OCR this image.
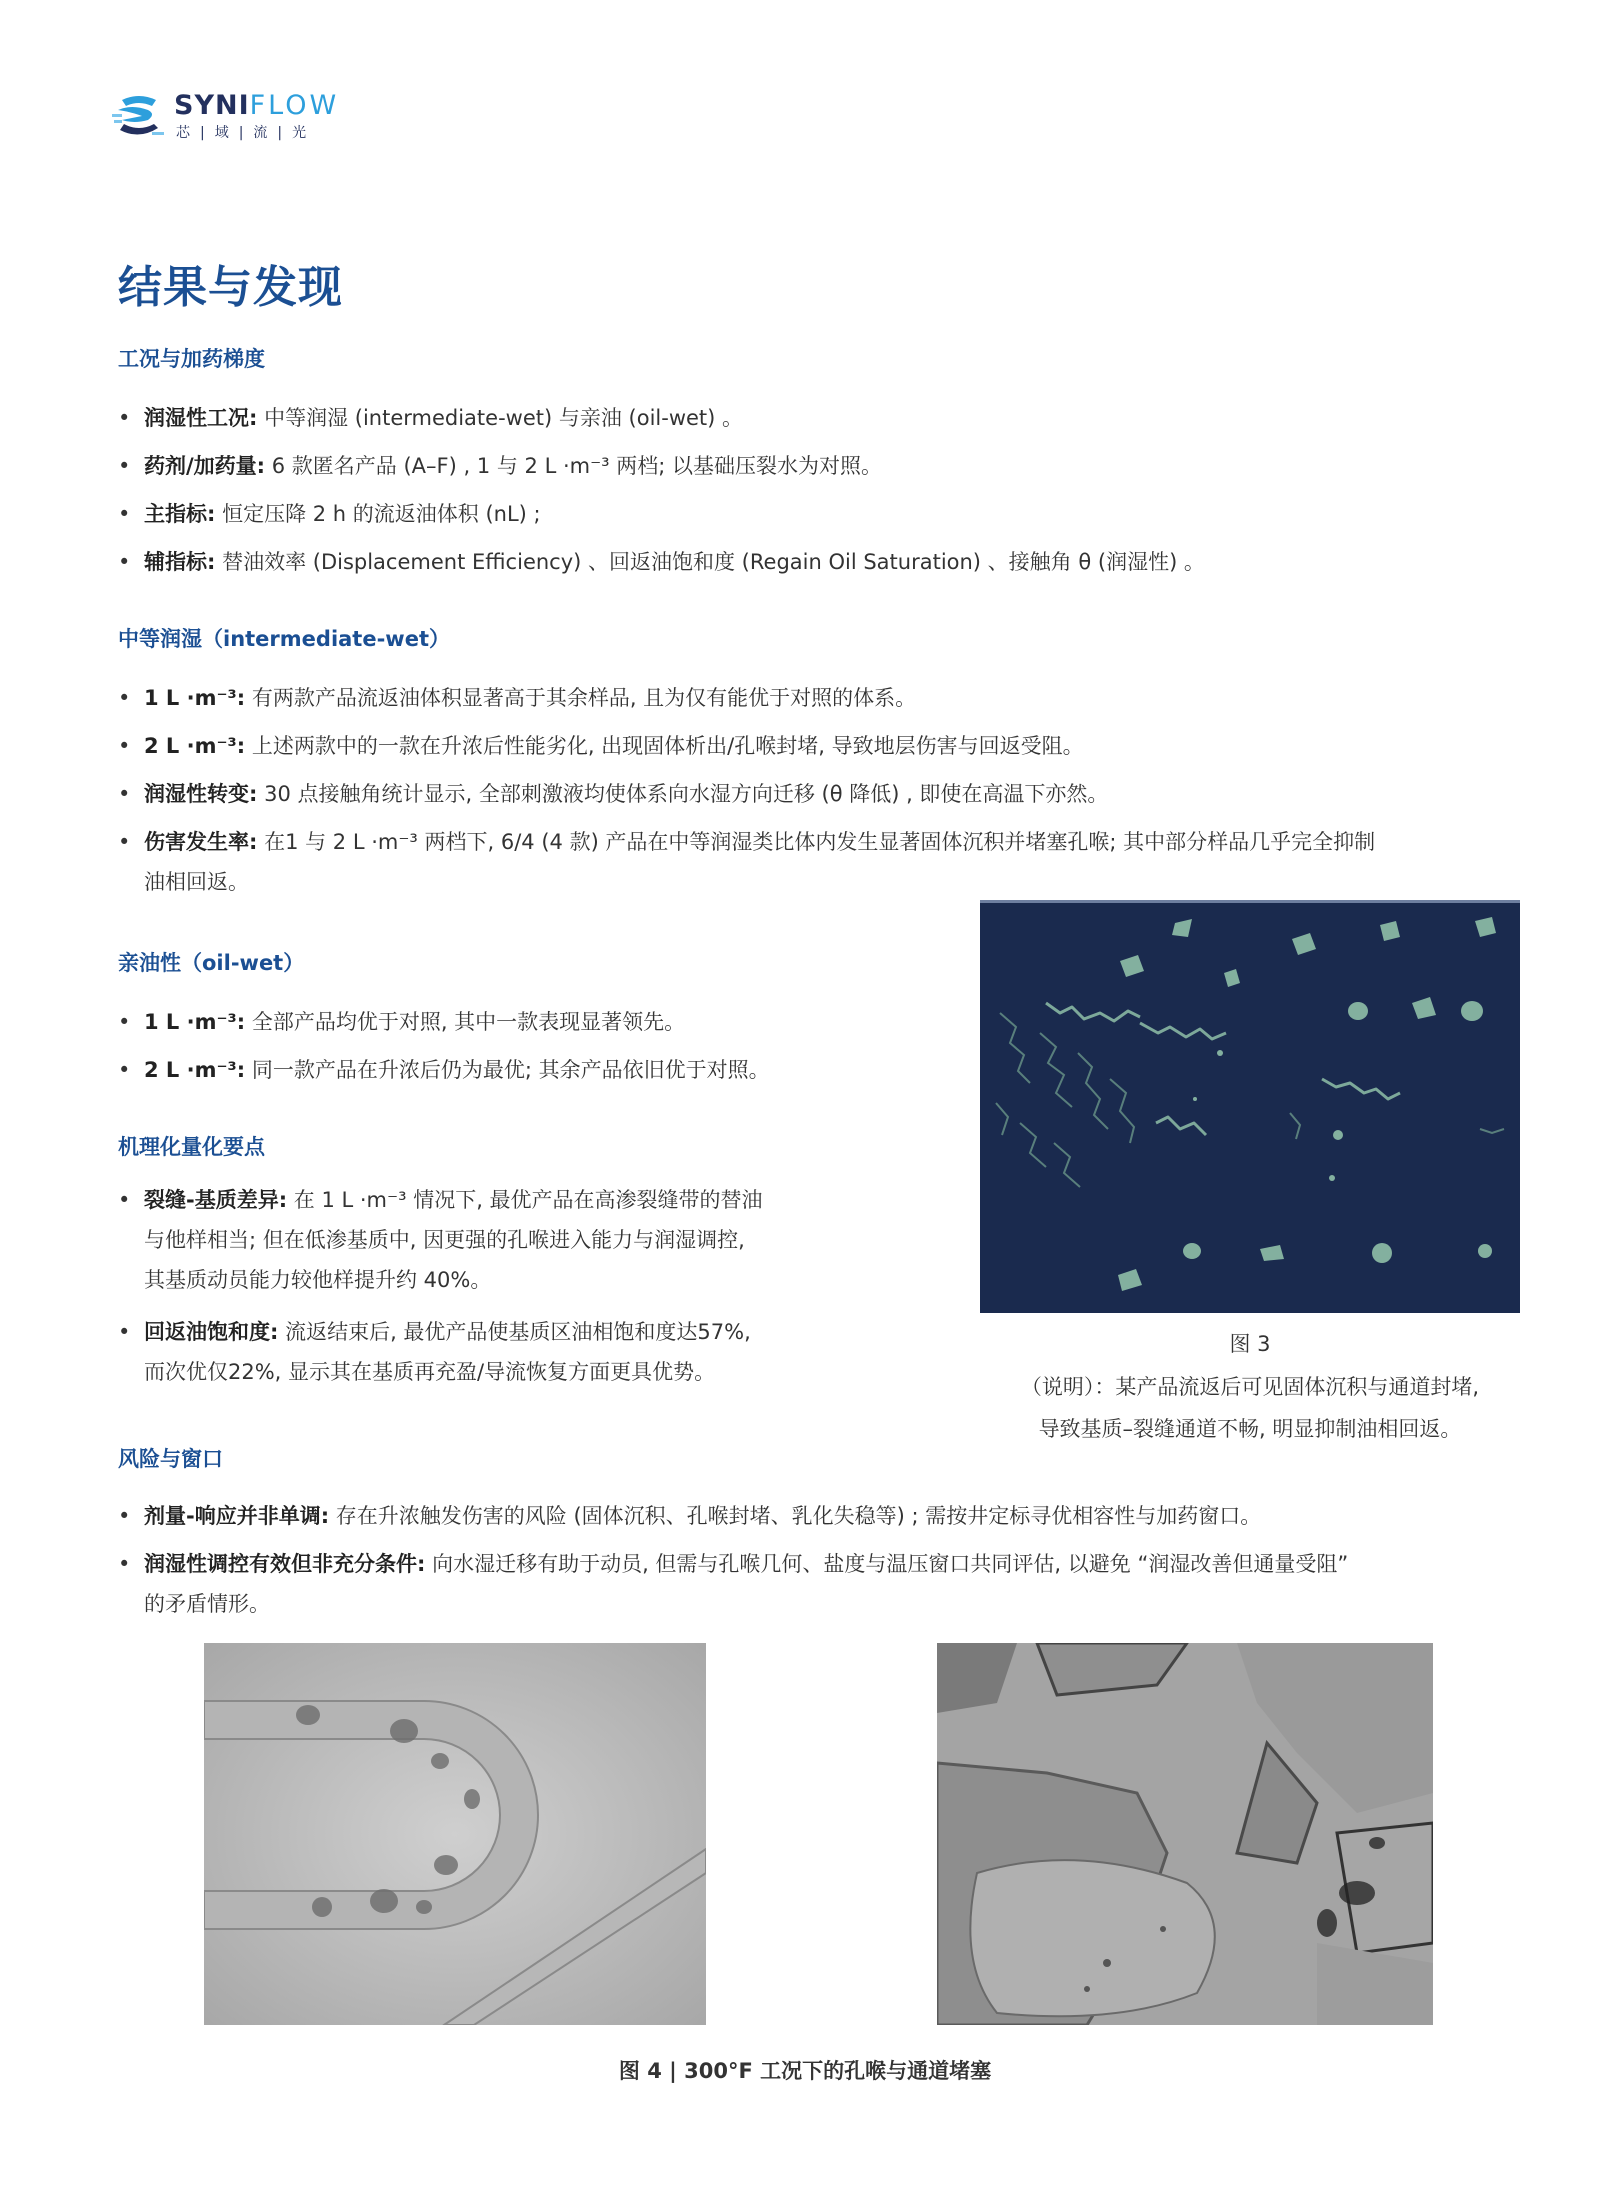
SYNIFLOW
芯|域|流|光
结果与发现
工况与加药梯度
• 润湿性工况: 中等润湿 (intermediate-wet) 与亲油 (oil-wet) 。
• 药剂/加药量: 6 款匿名产品 (A–F) , 1 与 2 L ·m⁻³ 两档; 以基础压裂水为对照。
• 主指标: 恒定压降 2 h 的流返油体积 (nL) ;
• 辅指标: 替油效率 (Displacement Efficiency) 、回返油饱和度 (Regain Oil Saturation) 、接触角 θ (润湿性) 。
中等润湿（intermediate-wet）
• 1 L ·m⁻³: 有两款产品流返油体积显著高于其余样品, 且为仅有能优于对照的体系。
• 2 L ·m⁻³: 上述两款中的一款在升浓后性能劣化, 出现固体析出/孔喉封堵, 导致地层伤害与回返受阻。
• 润湿性转变: 30 点接触角统计显示, 全部刺激液均使体系向水湿方向迁移 (θ 降低) , 即使在高温下亦然。
• 伤害发生率: 在1 与 2 L ·m⁻³ 两档下, 6/4 (4 款) 产品在中等润湿类比体内发生显著固体沉积并堵塞孔喉; 其中部分样品几乎完全抑制
油相回返。
亲油性（oil-wet）
• 1 L ·m⁻³: 全部产品均优于对照, 其中一款表现显著领先。
• 2 L ·m⁻³: 同一款产品在升浓后仍为最优; 其余产品依旧优于对照。
机理化量化要点
• 裂缝-基质差异: 在 1 L ·m⁻³ 情况下, 最优产品在高渗裂缝带的替油
与他样相当; 但在低渗基质中, 因更强的孔喉进入能力与润湿调控,
其基质动员能力较他样提升约 40%。
• 回返油饱和度: 流返结束后, 最优产品使基质区油相饱和度达57%,
而次优仅22%, 显示其在基质再充盈/导流恢复方面更具优势。
图 3
（说明）：某产品流返后可见固体沉积与通道封堵,
导致基质–裂缝通道不畅, 明显抑制油相回返。
风险与窗口
• 剂量-响应并非单调: 存在升浓触发伤害的风险 (固体沉积、孔喉封堵、乳化失稳等) ; 需按井定标寻优相容性与加药窗口。
• 润湿性调控有效但非充分条件: 向水湿迁移有助于动员, 但需与孔喉几何、盐度与温压窗口共同评估, 以避免 “润湿改善但通量受阻”
的矛盾情形。
图 4 | 300°F 工况下的孔喉与通道堵塞
